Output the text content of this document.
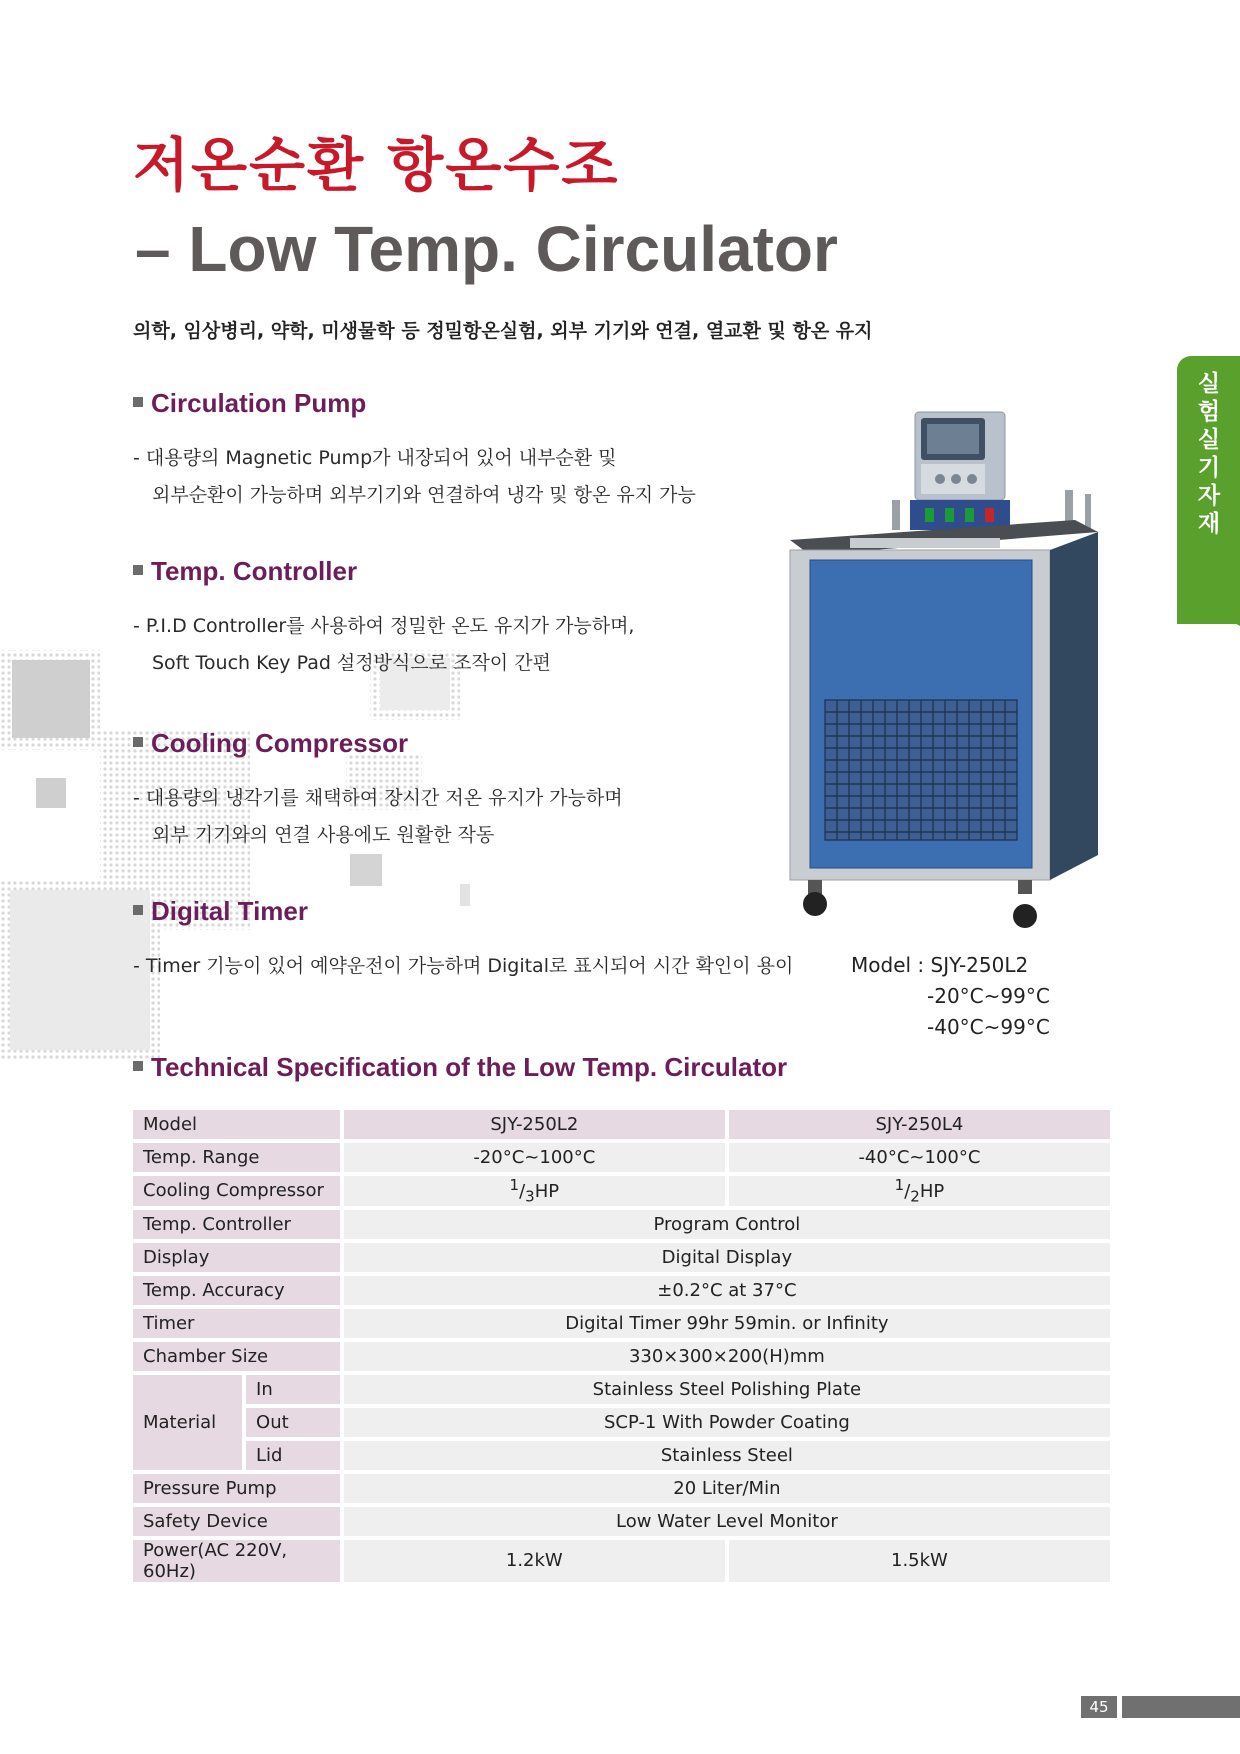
저온순환 항온수조
– Low Temp. Circulator
의학, 임상병리, 약학, 미생물학 등 정밀항온실험, 외부 기기와 연결, 열교환 및 항온 유지
실험실 기자재
Circulation Pump
- 대용량의 Magnetic Pump가 내장되어 있어 내부순환 및
외부순환이 가능하며 외부기기와 연결하여 냉각 및 항온 유지 가능
Temp. Controller
- P.I.D Controller를 사용하여 정밀한 온도 유지가 가능하며,
Soft Touch Key Pad 설정방식으로 조작이 간편
Cooling Compressor
- 대용량의 냉각기를 채택하여 장시간 저온 유지가 가능하며
외부 기기와의 연결 사용에도 원활한 작동
Digital Timer
- Timer 기능이 있어 예약운전이 가능하며 Digital로 표시되어 시간 확인이 용이	Model : SJY-250L2
-20°C~99°C
-40°C~99°C
Technical Specification of the Low Temp. Circulator
Model		SJY-250L2	SJY-250L4
Temp. Range		-20°C~100°C	-40°C~100°C
Cooling Compressor		$^1/_3HP$	$^1/_2HP$
Temp. Controller		Program Control	
Display		Digital Display	
Temp. Accuracy		±0.2°C at 37°C	
Timer		Digital Timer 99hr 59min. or Infinity	
Chamber Size		330×300×200(H)mm	
Material	In	Stainless Steel Polishing Plate	
	Out	SCP-1 With Powder Coating	
	Lid	Stainless Steel	
Pressure Pump		20 Liter/Min	
Safety Device		Low Water Level Monitor	
Power(AC 220V, 60Hz)		1.2kW	1.5kW
45
